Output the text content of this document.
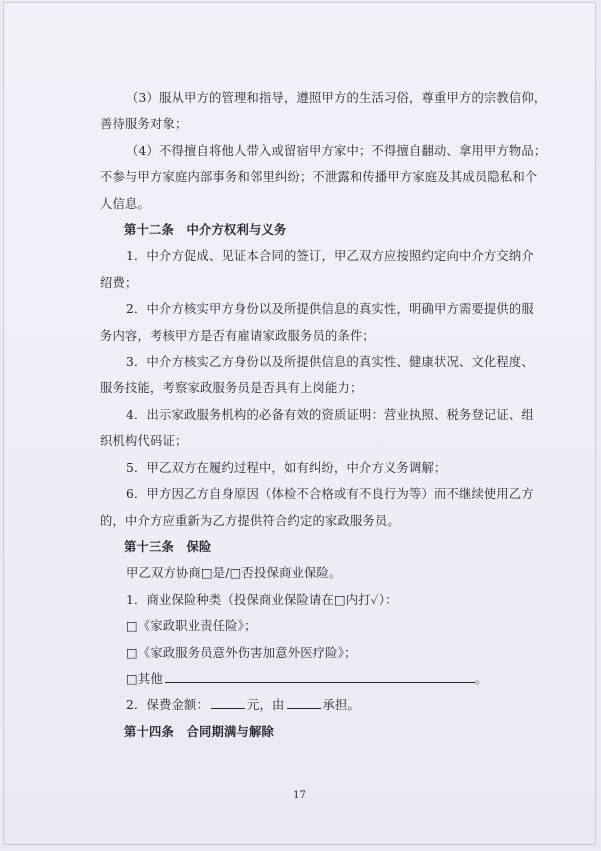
（3）服从甲方的管理和指导，遵照甲方的生活习俗，尊重甲方的宗教信仰，
善待服务对象；
（4）不得擅自将他人带入或留宿甲方家中；不得擅自翻动、拿用甲方物品；
不参与甲方家庭内部事务和邻里纠纷；不泄露和传播甲方家庭及其成员隐私和个
人信息。
第十二条　中介方权利与义务
1．中介方促成、见证本合同的签订，甲乙双方应按照约定向中介方交纳介
绍费；
2．中介方核实甲方身份以及所提供信息的真实性，明确甲方需要提供的服
务内容，考核甲方是否有雇请家政服务员的条件；
3．中介方核实乙方身份以及所提供信息的真实性、健康状况、文化程度、
服务技能，考察家政服务员是否具有上岗能力；
4．出示家政服务机构的必备有效的资质证明：营业执照、税务登记证、组
织机构代码证；
5．甲乙双方在履约过程中，如有纠纷，中介方义务调解；
6．甲方因乙方自身原因（体检不合格或有不良行为等）而不继续使用乙方
的，中介方应重新为乙方提供符合约定的家政服务员。
第十三条　保险
甲乙双方协商□是/□否投保商业保险。
1．商业保险种类（投保商业保险请在□内打✓）：
□《家政职业责任险》；
□《家政服务员意外伤害加意外医疗险》；
□其他	。
2．保费金额：	元，由	承担。
第十四条　合同期满与解除
17
